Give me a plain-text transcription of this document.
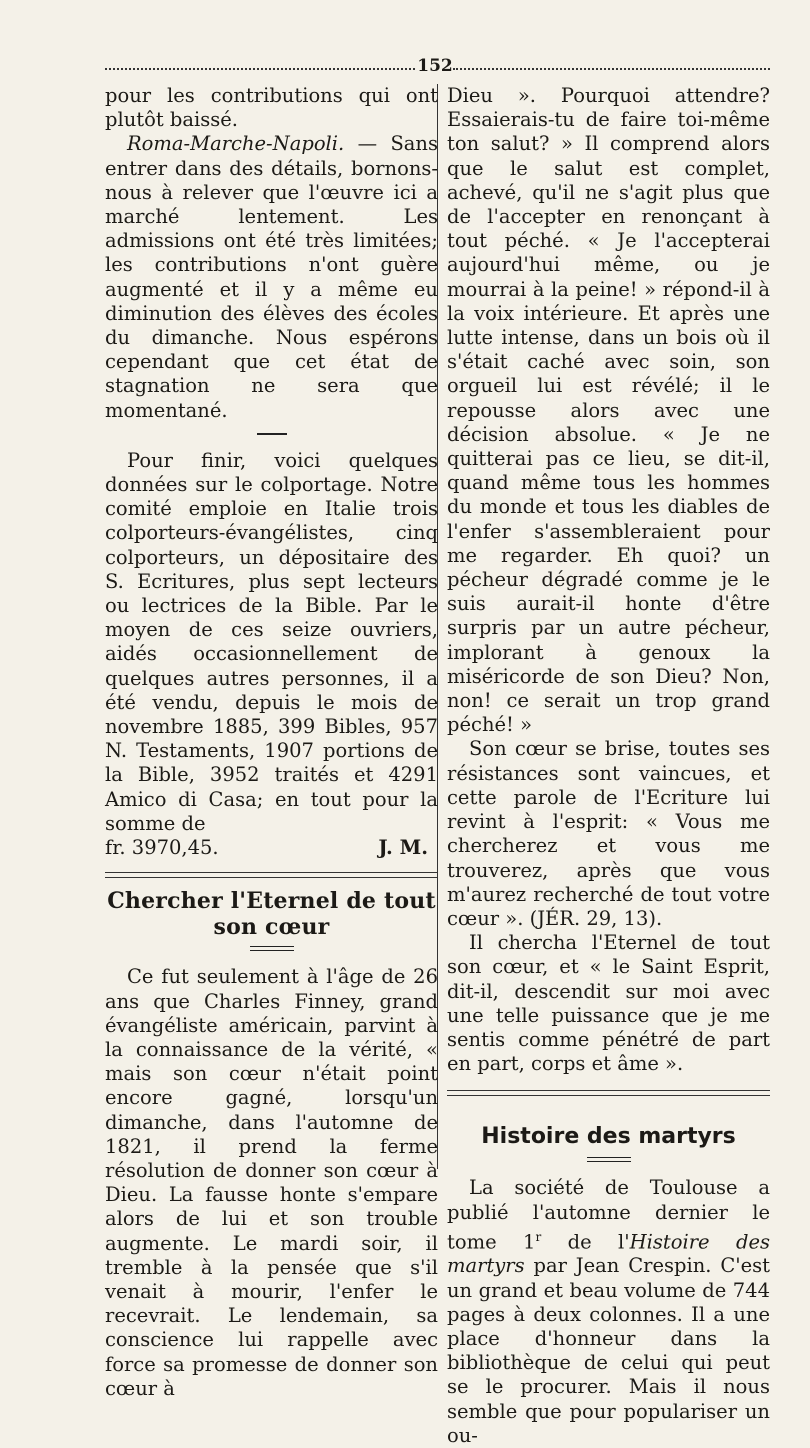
152

pour les contributions qui ont plutôt baissé.

Roma-Marche-Napoli. — Sans entrer dans des détails, bornons-nous à relever que l'œuvre ici a marché lentement. Les admissions ont été très limitées; les contributions n'ont guère augmenté et il y a même eu diminution des élèves des écoles du dimanche. Nous espérons cependant que cet état de stagnation ne sera que momentané.

Pour finir, voici quelques données sur le colportage. Notre comité emploie en Italie trois colporteurs-évangélistes, cinq colporteurs, un dépositaire des S. Ecritures, plus sept lecteurs ou lectrices de la Bible. Par le moyen de ces seize ouvriers, aidés occasionnellement de quelques autres personnes, il a été vendu, depuis le mois de novembre 1885, 399 Bibles, 957 N. Testaments, 1907 portions de la Bible, 3952 traités et 4291 Amico di Casa; en tout pour la somme de

fr. 3970,45.	J. M.
Chercher l'Eternel de tout son cœur

Ce fut seulement à l'âge de 26 ans que Charles Finney, grand évangéliste américain, parvint à la connaissance de la vérité, « mais son cœur n'était point encore gagné, lorsqu'un dimanche, dans l'automne de 1821, il prend la ferme résolution de donner son cœur à Dieu. La fausse honte s'empare alors de lui et son trouble augmente. Le mardi soir, il tremble à la pensée que s'il venait à mourir, l'enfer le recevrait. Le lendemain, sa conscience lui rappelle avec force sa promesse de donner son cœur à

Dieu ». Pourquoi attendre? Essaierais-tu de faire toi-même ton salut? » Il comprend alors que le salut est complet, achevé, qu'il ne s'agit plus que de l'accepter en renonçant à tout péché. « Je l'accepterai aujourd'hui même, ou je mourrai à la peine! » répond-il à la voix intérieure. Et après une lutte intense, dans un bois où il s'était caché avec soin, son orgueil lui est révélé; il le repousse alors avec une décision absolue. « Je ne quitterai pas ce lieu, se dit-il, quand même tous les hommes du monde et tous les diables de l'enfer s'assembleraient pour me regarder. Eh quoi? un pécheur dégradé comme je le suis aurait-il honte d'être surpris par un autre pécheur, implorant à genoux la miséricorde de son Dieu? Non, non! ce serait un trop grand péché! »

Son cœur se brise, toutes ses résistances sont vaincues, et cette parole de l'Ecriture lui revint à l'esprit: « Vous me chercherez et vous me trouverez, après que vous m'aurez recherché de tout votre cœur ». (JÉR. 29, 13).

Il chercha l'Eternel de tout son cœur, et « le Saint Esprit, dit-il, descendit sur moi avec une telle puissance que je me sentis comme pénétré de part en part, corps et âme ».

Histoire des martyrs

La société de Toulouse a publié l'automne dernier le tome 1$^r$ de l'Histoire des martyrs par Jean Crespin. C'est un grand et beau volume de 744 pages à deux colonnes. Il a une place d'honneur dans la bibliothèque de celui qui peut se le procurer. Mais il nous semble que pour populariser un ou-
